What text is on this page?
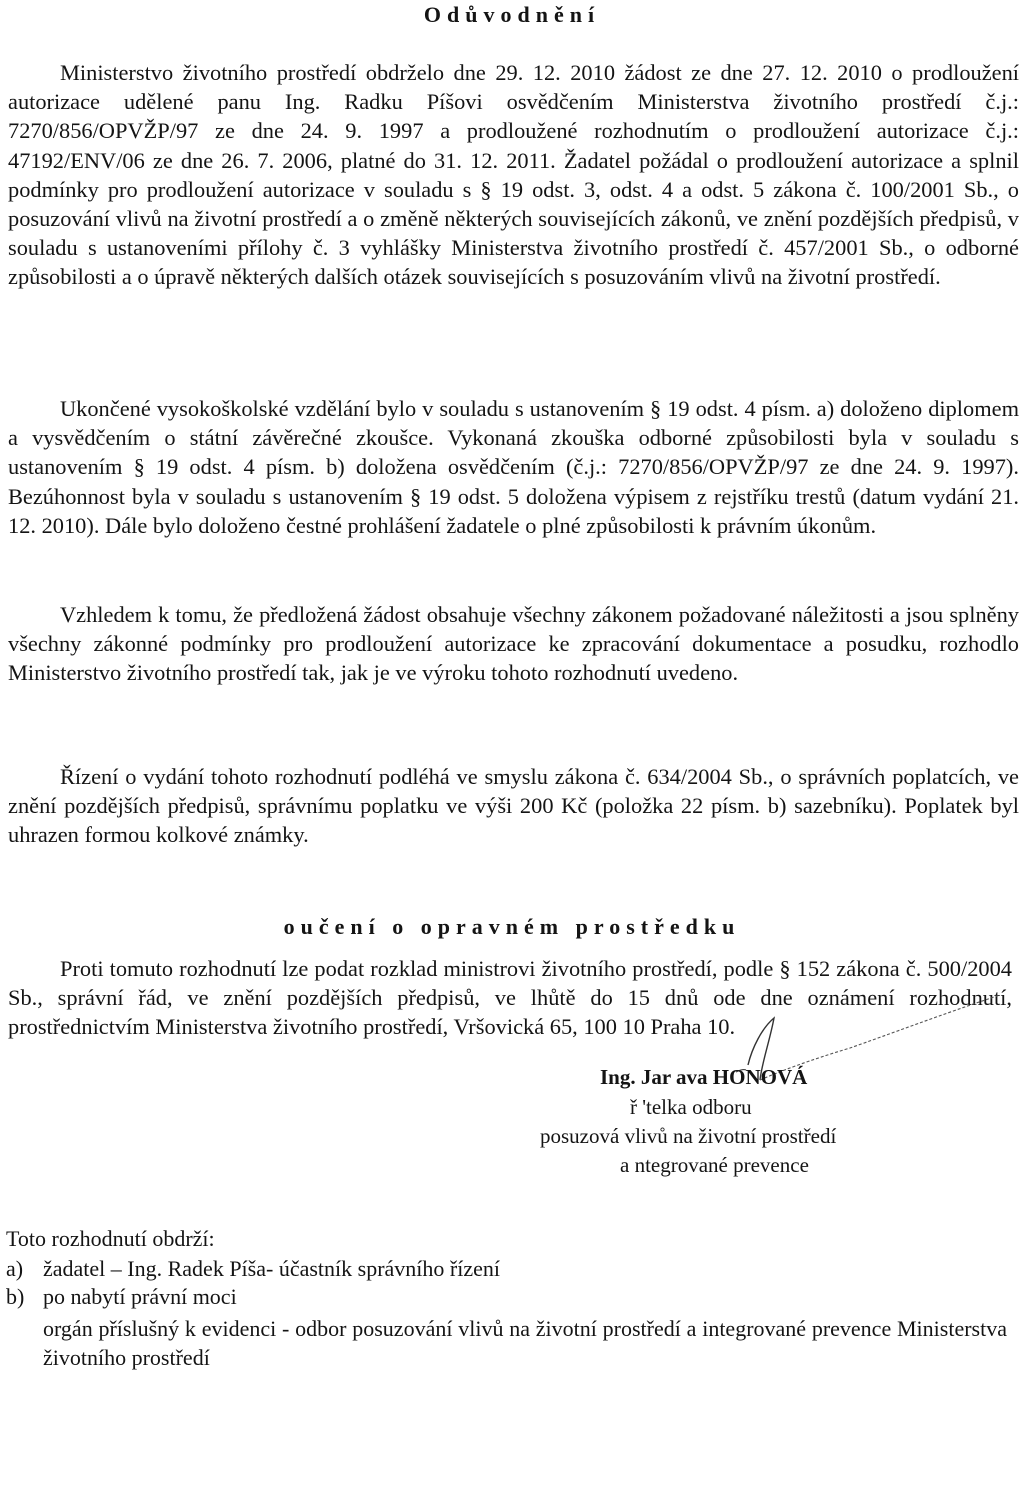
Odůvodnění

Ministerstvo životního prostředí obdrželo dne 29. 12. 2010 žádost ze dne 27. 12. 2010 o prodloužení autorizace udělené panu Ing. Radku Píšovi osvědčením Ministerstva životního prostředí č.j.: 7270/856/OPVŽP/97 ze dne 24. 9. 1997 a prodloužené rozhodnutím o prodloužení autorizace č.j.: 47192/ENV/06 ze dne 26. 7. 2006, platné do 31. 12. 2011. Žadatel požádal o prodloužení autorizace a splnil podmínky pro prodloužení autorizace v souladu s § 19 odst. 3, odst. 4 a odst. 5 zákona č. 100/2001 Sb., o posuzování vlivů na životní prostředí a o změně některých souvisejících zákonů, ve znění pozdějších předpisů, v souladu s ustanoveními přílohy č. 3 vyhlášky Ministerstva životního prostředí č. 457/2001 Sb., o odborné způsobilosti a o úpravě některých dalších otázek souvisejících s posuzováním vlivů na životní prostředí.

Ukončené vysokoškolské vzdělání bylo v souladu s ustanovením § 19 odst. 4 písm. a) doloženo diplomem a vysvědčením o státní závěrečné zkoušce. Vykonaná zkouška odborné způsobilosti byla v souladu s ustanovením § 19 odst. 4 písm. b) doložena osvědčením (č.j.: 7270/856/OPVŽP/97 ze dne 24. 9. 1997). Bezúhonnost byla v souladu s ustanovením § 19 odst. 5 doložena výpisem z rejstříku trestů (datum vydání 21. 12. 2010). Dále bylo doloženo čestné prohlášení žadatele o plné způsobilosti k právním úkonům.

Vzhledem k tomu, že předložená žádost obsahuje všechny zákonem požadované náležitosti a jsou splněny všechny zákonné podmínky pro prodloužení autorizace ke zpracování dokumentace a posudku, rozhodlo Ministerstvo životního prostředí tak, jak je ve výroku tohoto rozhodnutí uvedeno.

Řízení o vydání tohoto rozhodnutí podléhá ve smyslu zákona č. 634/2004 Sb., o správních poplatcích, ve znění pozdějších předpisů, správnímu poplatku ve výši 200 Kč (položka 22 písm. b) sazebníku). Poplatek byl uhrazen formou kolkové známky.

oučení o opravném prostředku

Proti tomuto rozhodnutí lze podat rozklad ministrovi životního prostředí, podle § 152 zákona č. 500/2004 Sb., správní řád, ve znění pozdějších předpisů, ve lhůtě do 15 dnů ode dne oznámení rozhodnutí, prostřednictvím Ministerstva životního prostředí, Vršovická 65, 100 10 Praha 10.

Ing. Jar ava HONOVÁ
ř 'telka odboru
posuzová vlivů na životní prostředí
a ntegrované prevence
Toto rozhodnutí obdrží:
a) žadatel – Ing. Radek Píša- účastník správního řízení
b) po nabytí právní moci
orgán příslušný k evidenci - odbor posuzování vlivů na životní prostředí a integrované prevence Ministerstva životního prostředí
